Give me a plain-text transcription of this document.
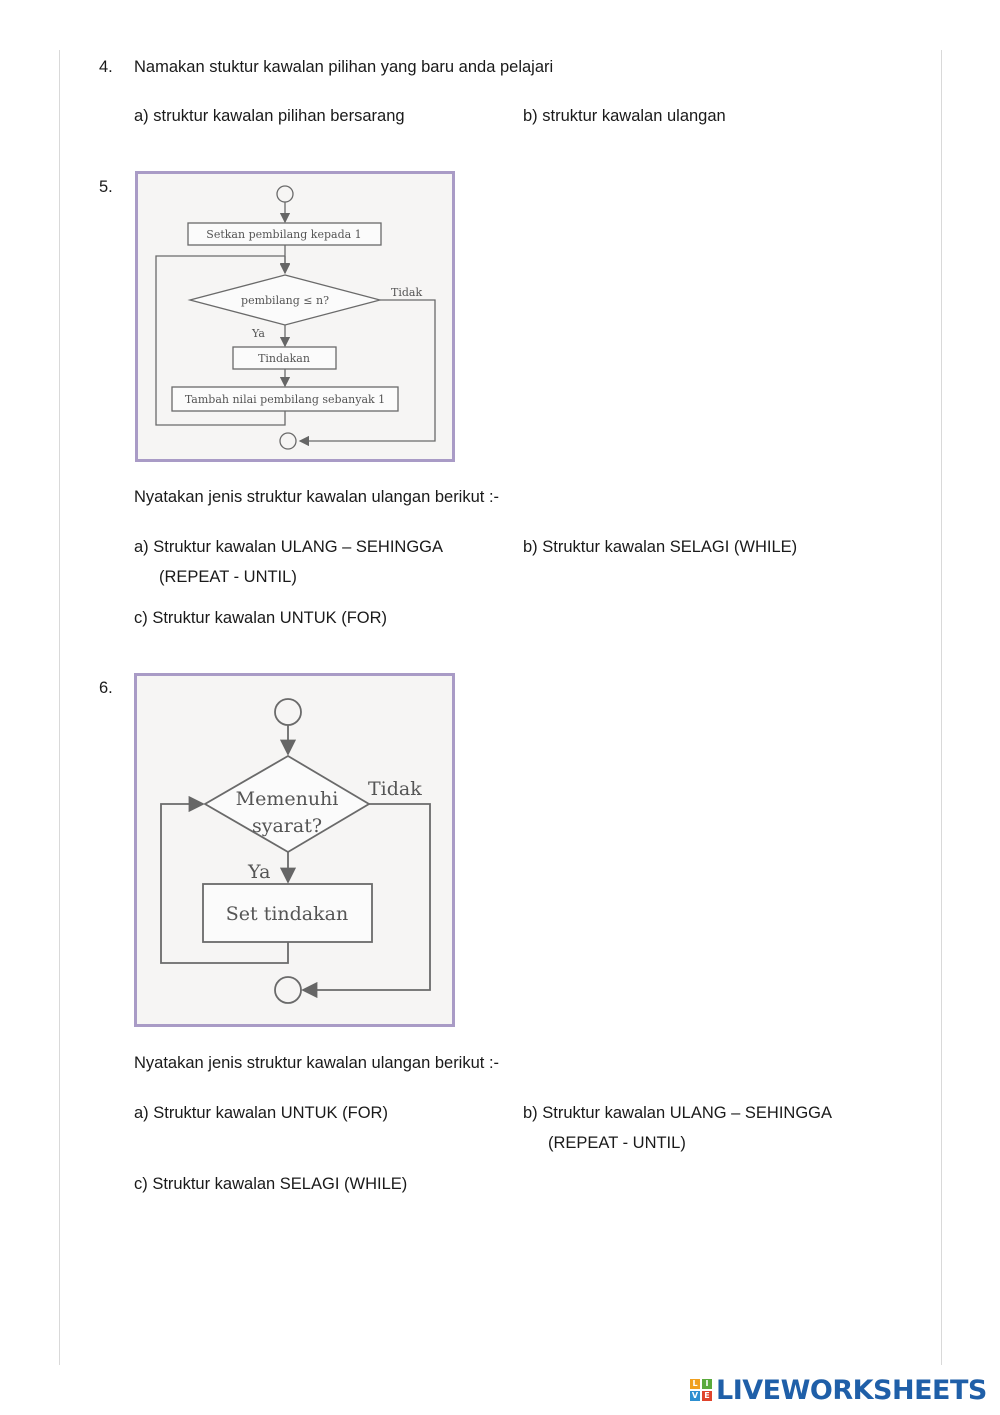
4. Namakan stuktur kawalan pilihan yang baru anda pelajari
a) struktur kawalan pilihan bersarang	b) struktur kawalan ulangan
5.
Setkan pembilang kepada 1
pembilang ≤ n?
Tidak
Ya
Tindakan
Tambah nilai pembilang sebanyak 1
Nyatakan jenis struktur kawalan ulangan berikut :-
a) Struktur kawalan ULANG – SEHINGGA
(REPEAT - UNTIL)
b) Struktur kawalan SELAGI (WHILE)
c) Struktur kawalan UNTUK (FOR)
6.
Memenuhi
syarat?
Tidak
Ya
Set tindakan
Nyatakan jenis struktur kawalan ulangan berikut :-
a) Struktur kawalan UNTUK (FOR)	b) Struktur kawalan ULANG – SEHINGGA
(REPEAT - UNTIL)
c) Struktur kawalan SELAGI (WHILE)
L I
V E LIVEWORKSHEETS
